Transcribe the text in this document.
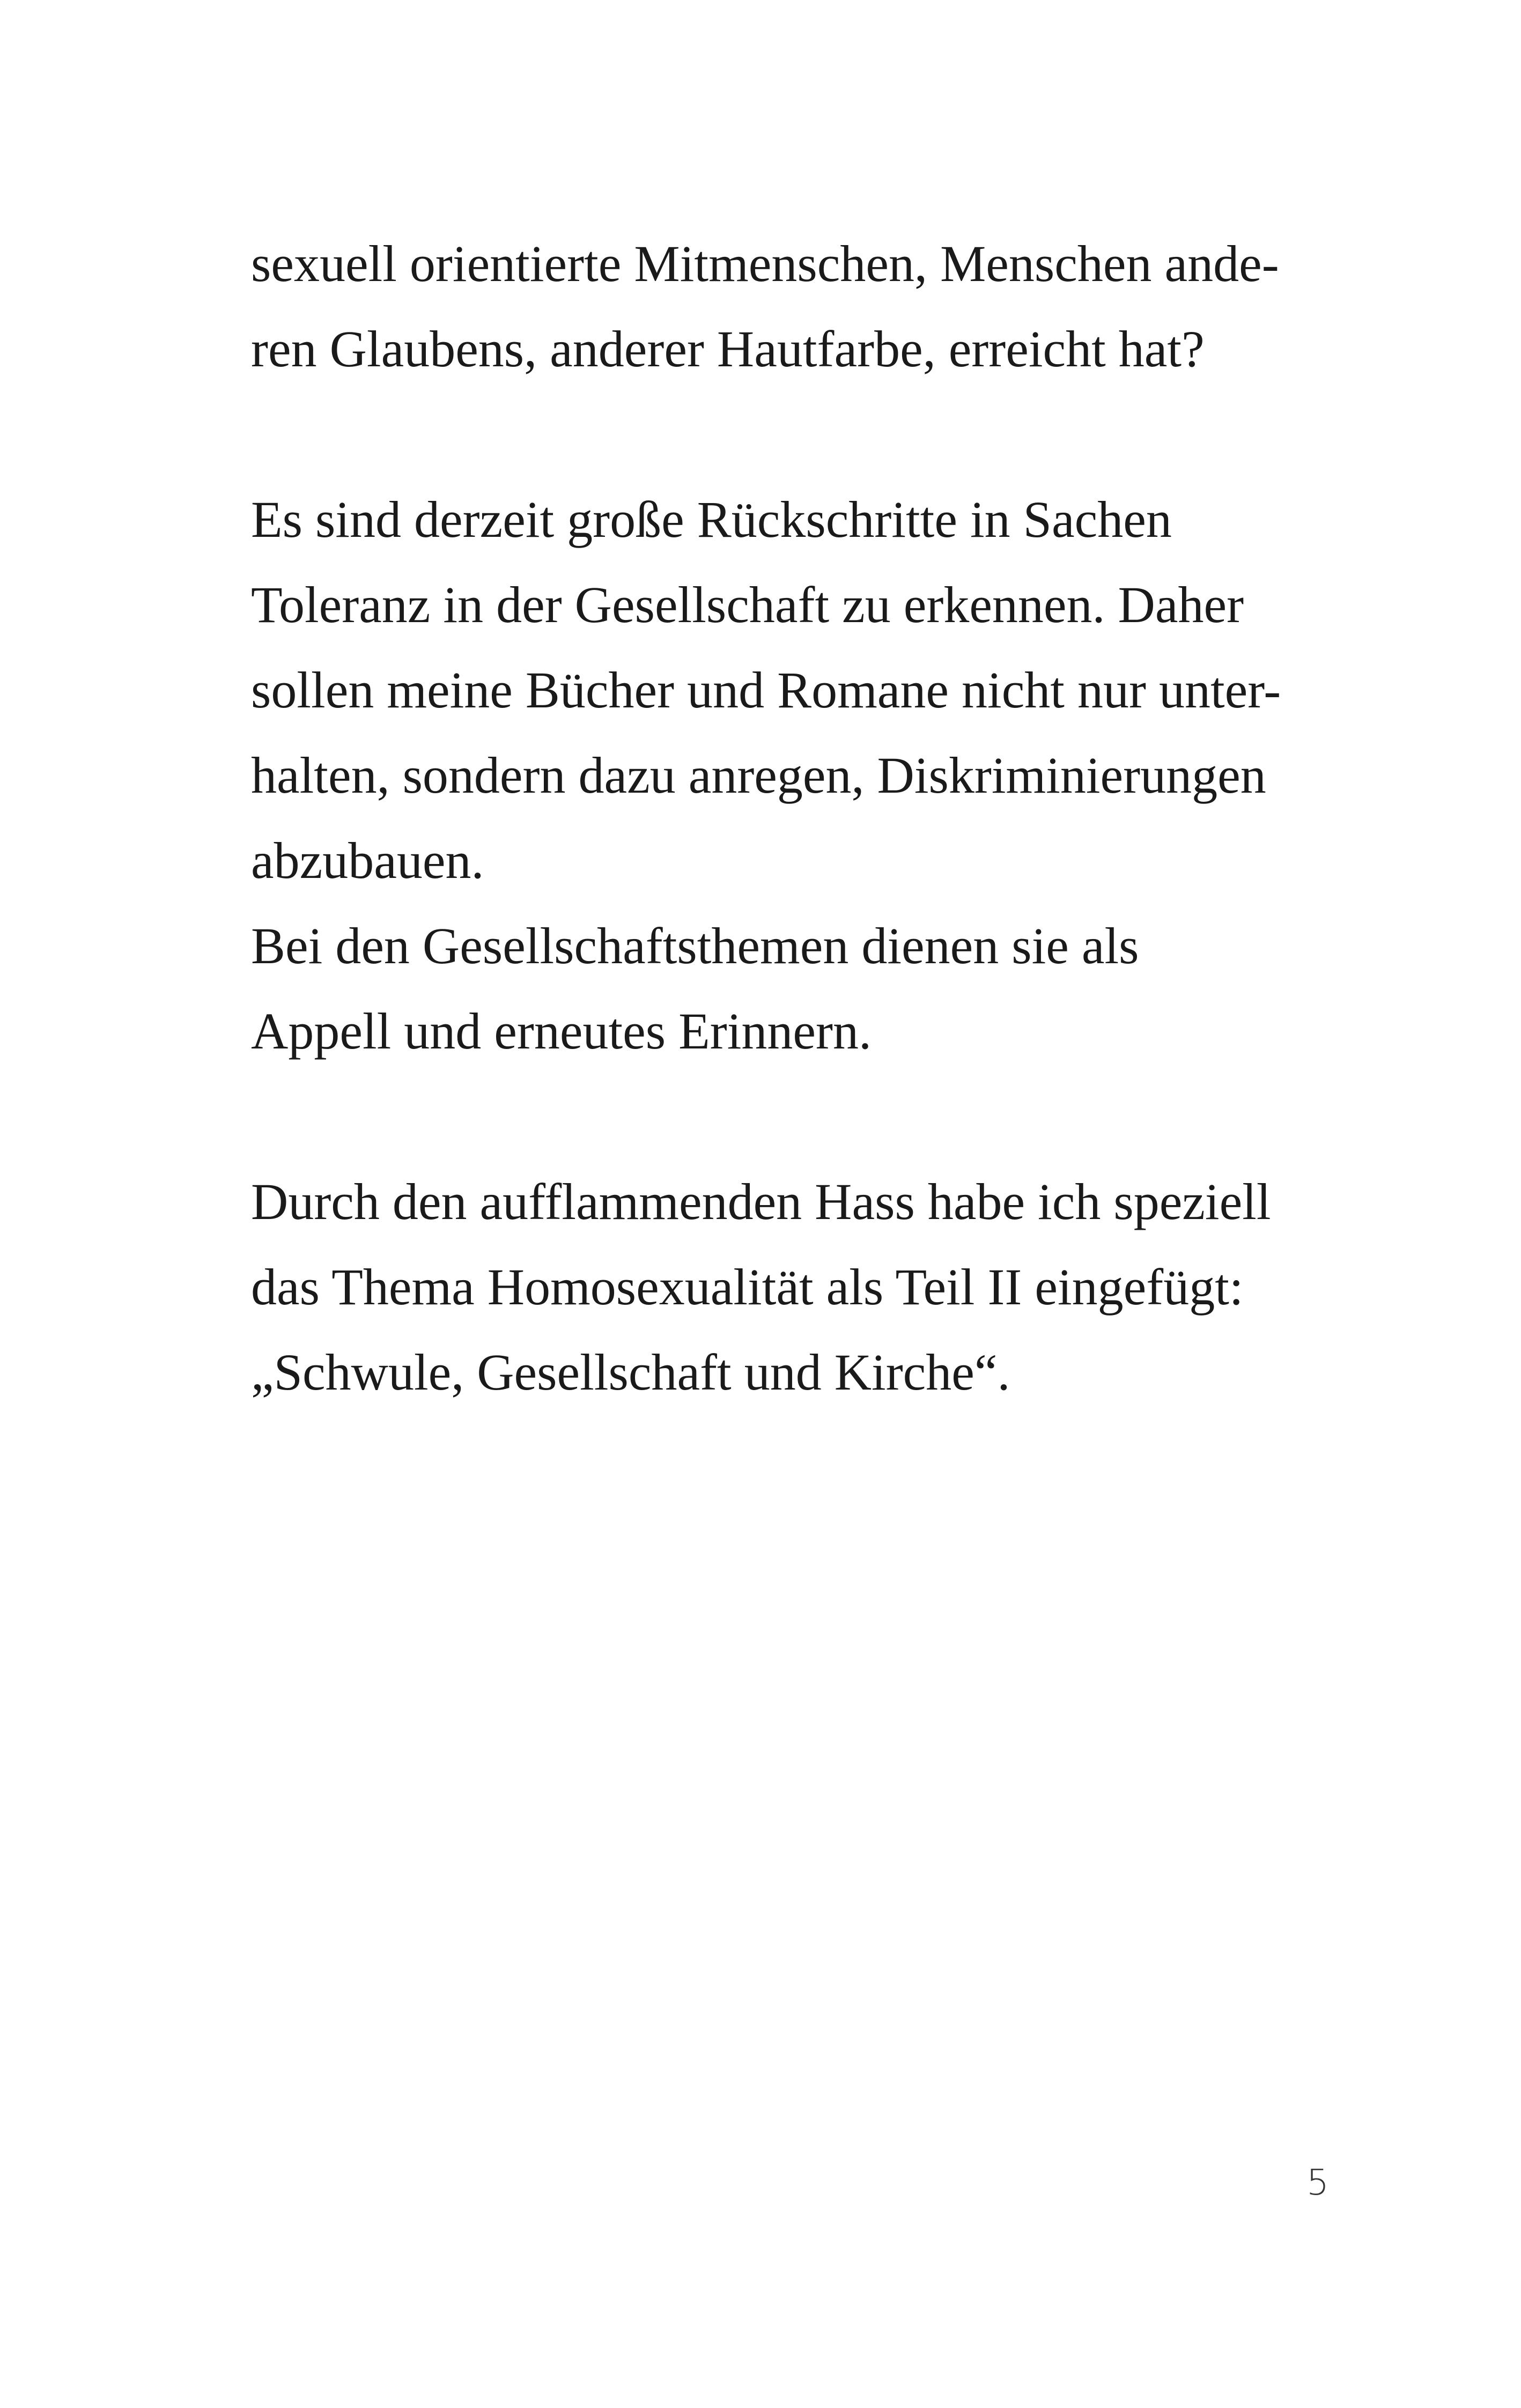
sexuell orientierte Mitmenschen, Menschen ande-
ren Glaubens, anderer Hautfarbe, erreicht hat?
Es sind derzeit große Rückschritte in Sachen
Toleranz in der Gesellschaft zu erkennen. Daher
sollen meine Bücher und Romane nicht nur unter-
halten, sondern dazu anregen, Diskriminierungen
abzubauen.
Bei den Gesellschaftsthemen dienen sie als
Appell und erneutes Erinnern.
Durch den aufflammenden Hass habe ich speziell
das Thema Homosexualität als Teil II eingefügt:
„Schwule, Gesellschaft und Kirche“.
5
